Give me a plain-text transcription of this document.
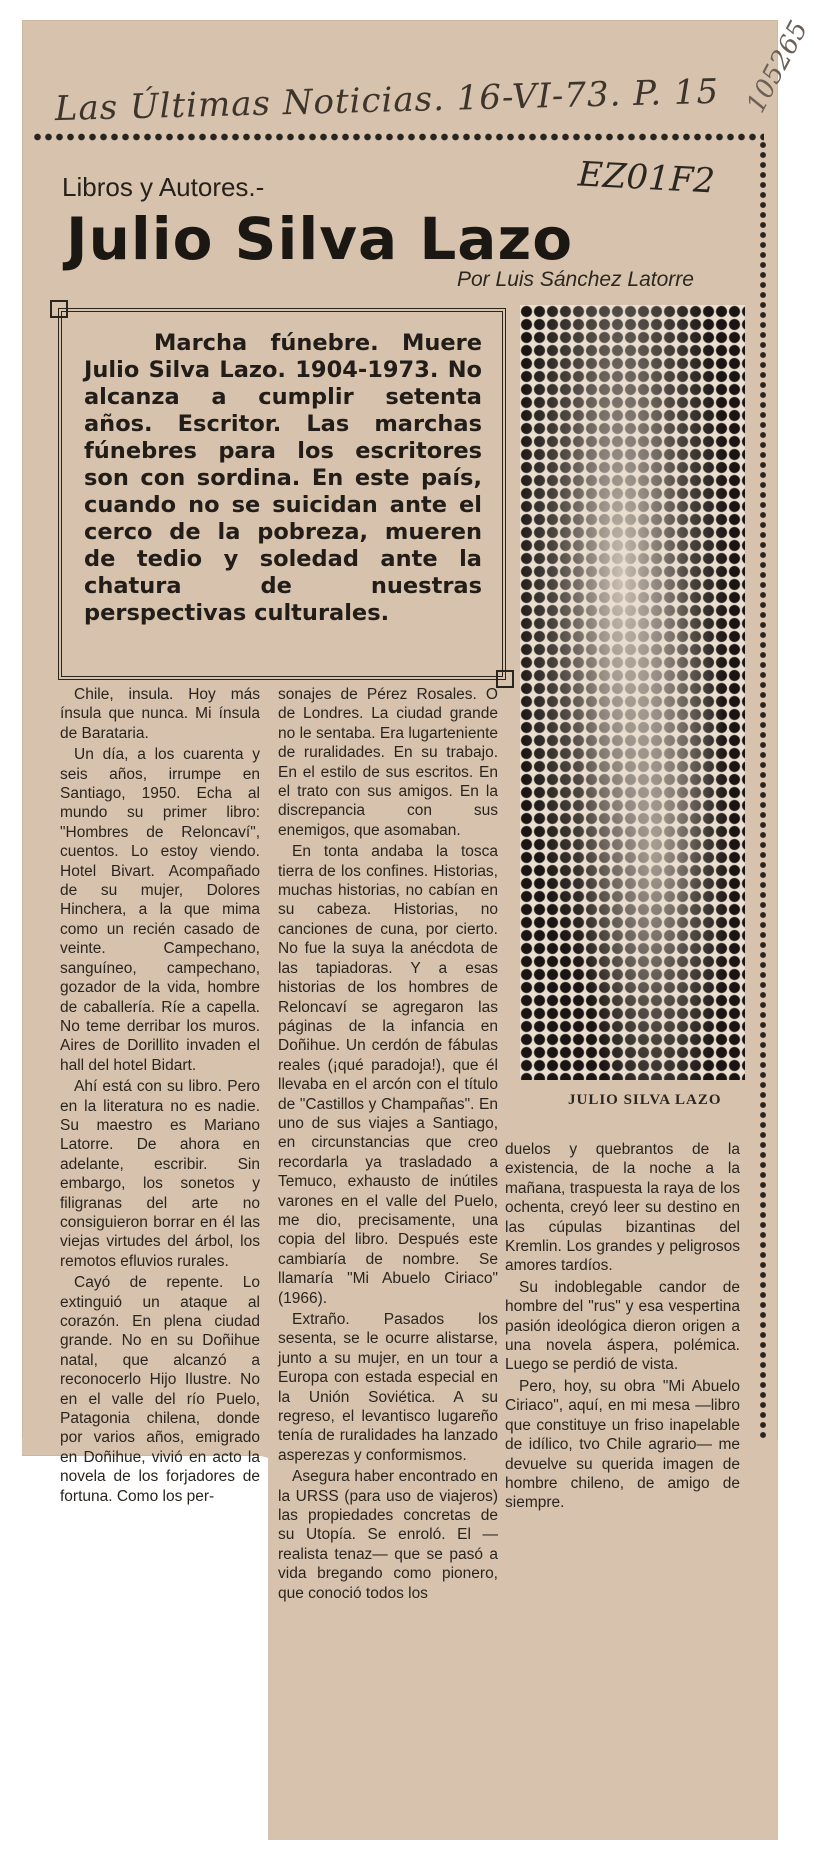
Las Últimas Noticias. 16-VI-73. P. 15 105265
EZ01F2
Libros y Autores.-
Julio Silva Lazo
Por Luis Sánchez Latorre
Marcha fúnebre. Muere Julio Silva Lazo. 1904-1973. No alcanza a cumplir setenta años. Escritor. Las marchas fúnebres para los escritores son con sordina. En este país, cuando no se suicidan ante el cerco de la pobreza, mueren de tedio y soledad ante la chatura de nuestras perspectivas culturales.
JULIO SILVA LAZO

Chile, insula. Hoy más ínsula que nunca. Mi ínsula de Barataria.

Un día, a los cuarenta y seis años, irrumpe en Santiago, 1950. Echa al mundo su primer libro: "Hombres de Reloncaví", cuentos. Lo estoy viendo. Hotel Bivart. Acompañado de su mujer, Dolores Hinchera, a la que mima como un recién casado de veinte. Campechano, sanguíneo, campechano, gozador de la vida, hombre de caballería. Ríe a capella. No teme derribar los muros. Aires de Dorillito invaden el hall del hotel Bidart.

Ahí está con su libro. Pero en la literatura no es nadie. Su maestro es Mariano Latorre. De ahora en adelante, escribir. Sin embargo, los sonetos y filigranas del arte no consiguieron borrar en él las viejas virtudes del árbol, los remotos efluvios rurales.

Cayó de repente. Lo extinguió un ataque al corazón. En plena ciudad grande. No en su Doñihue natal, que alcanzó a reconocerlo Hijo Ilustre. No en el valle del río Puelo, Patagonia chilena, donde por varios años, emigrado en Doñihue, vivió en acto la novela de los forjadores de fortuna. Como los per-

sonajes de Pérez Rosales. O de Londres. La ciudad grande no le sentaba. Era lugarteniente de ruralidades. En su trabajo. En el estilo de sus escritos. En el trato con sus amigos. En la discrepancia con sus enemigos, que asomaban.

En tonta andaba la tosca tierra de los confines. Historias, muchas historias, no cabían en su cabeza. Historias, no canciones de cuna, por cierto. No fue la suya la anécdota de las tapiadoras. Y a esas historias de los hombres de Reloncaví se agregaron las páginas de la infancia en Doñihue. Un cerdón de fábulas reales (¡qué paradoja!), que él llevaba en el arcón con el título de "Castillos y Champañas". En uno de sus viajes a Santiago, en circunstancias que creo recordarla ya trasladado a Temuco, exhausto de inútiles varones en el valle del Puelo, me dio, precisamente, una copia del libro. Después este cambiaría de nombre. Se llamaría "Mi Abuelo Ciriaco" (1966).

Extraño. Pasados los sesenta, se le ocurre alistarse, junto a su mujer, en un tour a Europa con estada especial en la Unión Soviética. A su regreso, el levantisco lugareño tenía de ruralidades ha lanzado asperezas y conformismos.

Asegura haber encontrado en la URSS (para uso de viajeros) las propiedades concretas de su Utopía. Se enroló. El —realista tenaz— que se pasó a vida bregando como pionero, que conoció todos los

duelos y quebrantos de la existencia, de la noche a la mañana, traspuesta la raya de los ochenta, creyó leer su destino en las cúpulas bizantinas del Kremlin. Los grandes y peligrosos amores tardíos.

Su indoblegable candor de hombre del "rus" y esa vespertina pasión ideológica dieron origen a una novela áspera, polémica. Luego se perdió de vista.

Pero, hoy, su obra "Mi Abuelo Ciriaco", aquí, en mi mesa —libro que constituye un friso inapelable de idílico, tvo Chile agrario— me devuelve su querida imagen de hombre chileno, de amigo de siempre.
